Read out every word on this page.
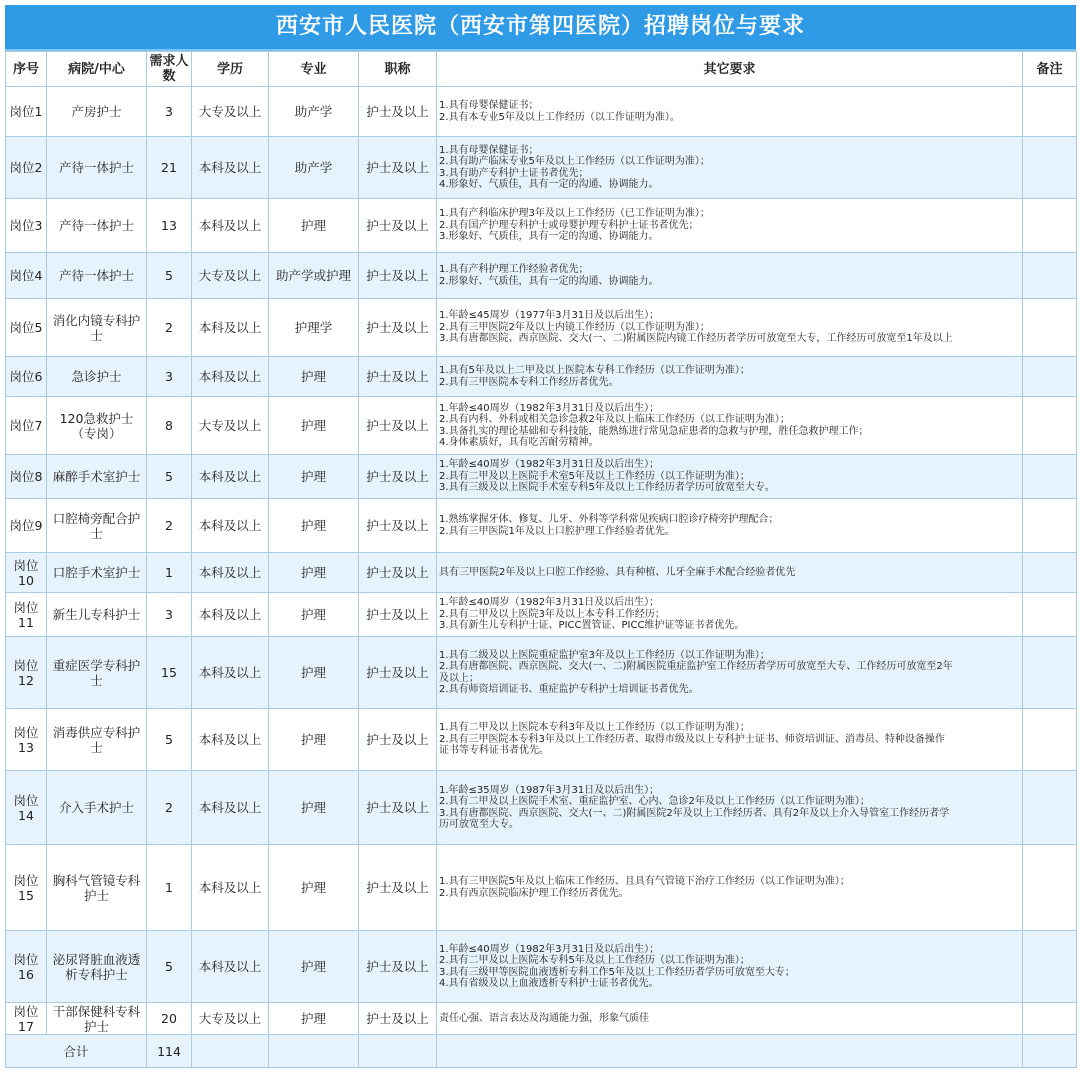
西安市人民医院（西安市第四医院）招聘岗位与要求
序号	病院/中心	需求人数	学历	专业	职称	其它要求	备注
岗位1	产房护士	3	大专及以上	助产学	护士及以上	1.具有母婴保健证书；
2.具有本专业5年及以上工作经历（以工作证明为准）。	

岗位2	产待一体护士	21	本科及以上	助产学	护士及以上	1.具有母婴保健证书；
2.具有助产临床专业5年及以上工作经历（以工作证明为准）；
3.具有助产专科护士证书者优先；
4.形象好、气质佳，具有一定的沟通、协调能力。	

岗位3	产待一体护士	13	本科及以上	护理	护士及以上	1.具有产科临床护理3年及以上工作经历（已工作证明为准）；
2.具有国产护理专科护士或母婴护理专科护士证书者优先；
3.形象好、气质佳，具有一定的沟通、协调能力。	

岗位4	产待一体护士	5	大专及以上	助产学或护理	护士及以上	1.具有产科护理工作经验者优先；
2.形象好、气质佳，具有一定的沟通、协调能力。	

岗位5	消化内镜专科护士	2	本科及以上	护理学	护士及以上	1.年龄≤45周岁（1977年3月31日及以后出生）；
2.具有三甲医院2年及以上内镜工作经历（以工作证明为准）；
3.具有唐都医院、西京医院、交大(一、二)附属医院内镜工作经历者学历可放宽至大专，工作经历可放宽至1年及以上	

岗位6	急诊护士	3	本科及以上	护理	护士及以上	1.具有5年及以上二甲及以上医院本专科工作经历（以工作证明为准）；
2.具有三甲医院本专科工作经历者优先。	

岗位7	120急救护士（专岗）	8	大专及以上	护理	护士及以上	1.年龄≤40周岁（1982年3月31日及以后出生）；
2.具有内科、外科或相关急诊急救2年及以上临床工作经历（以工作证明为准）；
3.具备扎实的理论基础和专科技能，能熟练进行常见急症患者的急救与护理，胜任急救护理工作；
4.身体素质好，具有吃苦耐劳精神。	

岗位8	麻醉手术室护士	5	本科及以上	护理	护士及以上	1.年龄≤40周岁（1982年3月31日及以后出生）；
2.具有二甲及以上医院手术室5年及以上工作经历（以工作证明为准）；
3.具有三级及以上医院手术室专科5年及以上工作经历者学历可放宽至大专。	

岗位9	口腔椅旁配合护士	2	本科及以上	护理	护士及以上	1.熟练掌握牙体、修复、儿牙、外科等学科常见疾病口腔诊疗椅旁护理配合；
2.具有三甲医院1年及以上口腔护理工作经验者优先。	

岗位10	口腔手术室护士	1	本科及以上	护理	护士及以上	具有三甲医院2年及以上口腔工作经验、具有种植、儿牙全麻手术配合经验者优先	

岗位11	新生儿专科护士	3	本科及以上	护理	护士及以上	1.年龄≤40周岁（1982年3月31日及以后出生）；
2.具有二甲及以上医院3年及以上本专科工作经历；
3.具有新生儿专科护士证、PICC置管证、PICC维护证等证书者优先。	

岗位12	重症医学专科护士	15	本科及以上	护理	护士及以上	1.具有二级及以上医院重症监护室3年及以上工作经历（以工作证明为准）；
2.具有唐都医院、西京医院、交大(一、二)附属医院重症监护室工作经历者学历可放宽至大专、工作经历可放宽至2年
及以上；
2.具有师资培训证书、重症监护专科护士培训证书者优先。	

岗位13	消毒供应专科护士	5	本科及以上	护理	护士及以上	1.具有二甲及以上医院本专科3年及以上工作经历（以工作证明为准）；
2.具有三甲医院本专科3年及以上工作经历者、取得市级及以上专科护士证书、师资培训证、消毒员、特种设备操作
证书等专科证书者优先。	

岗位14	介入手术护士	2	本科及以上	护理	护士及以上	1.年龄≤35周岁（1987年3月31日及以后出生）；
2.具有二甲及以上医院手术室、重症监护室、心内、急诊2年及以上工作经历（以工作证明为准）；
3.具有唐都医院、西京医院、交大(一、二)附属医院2年及以上工作经历者、具有2年及以上介入导管室工作经历者学
历可放宽至大专。	

岗位15	胸科气管镜专科护士	1	本科及以上	护理	护士及以上	1.具有三甲医院5年及以上临床工作经历、且具有气管镜下治疗工作经历（以工作证明为准）；
2.具有西京医院临床护理工作经历者优先。	

岗位16	泌尿肾脏血液透析专科护士	5	本科及以上	护理	护士及以上	1.年龄≤40周岁（1982年3月31日及以后出生）；
2.具有二甲及以上医院本专科5年及以上工作经历（以工作证明为准）；
3.具有三级甲等医院血液透析专科工作5年及以上工作经历者学历可放宽至大专；
4.具有省级及以上血液透析专科护士证书者优先。	

岗位17	干部保健科专科护士	20	大专及以上	护理	护士及以上	责任心强、语言表达及沟通能力强，形象气质佳	

合计		114					
